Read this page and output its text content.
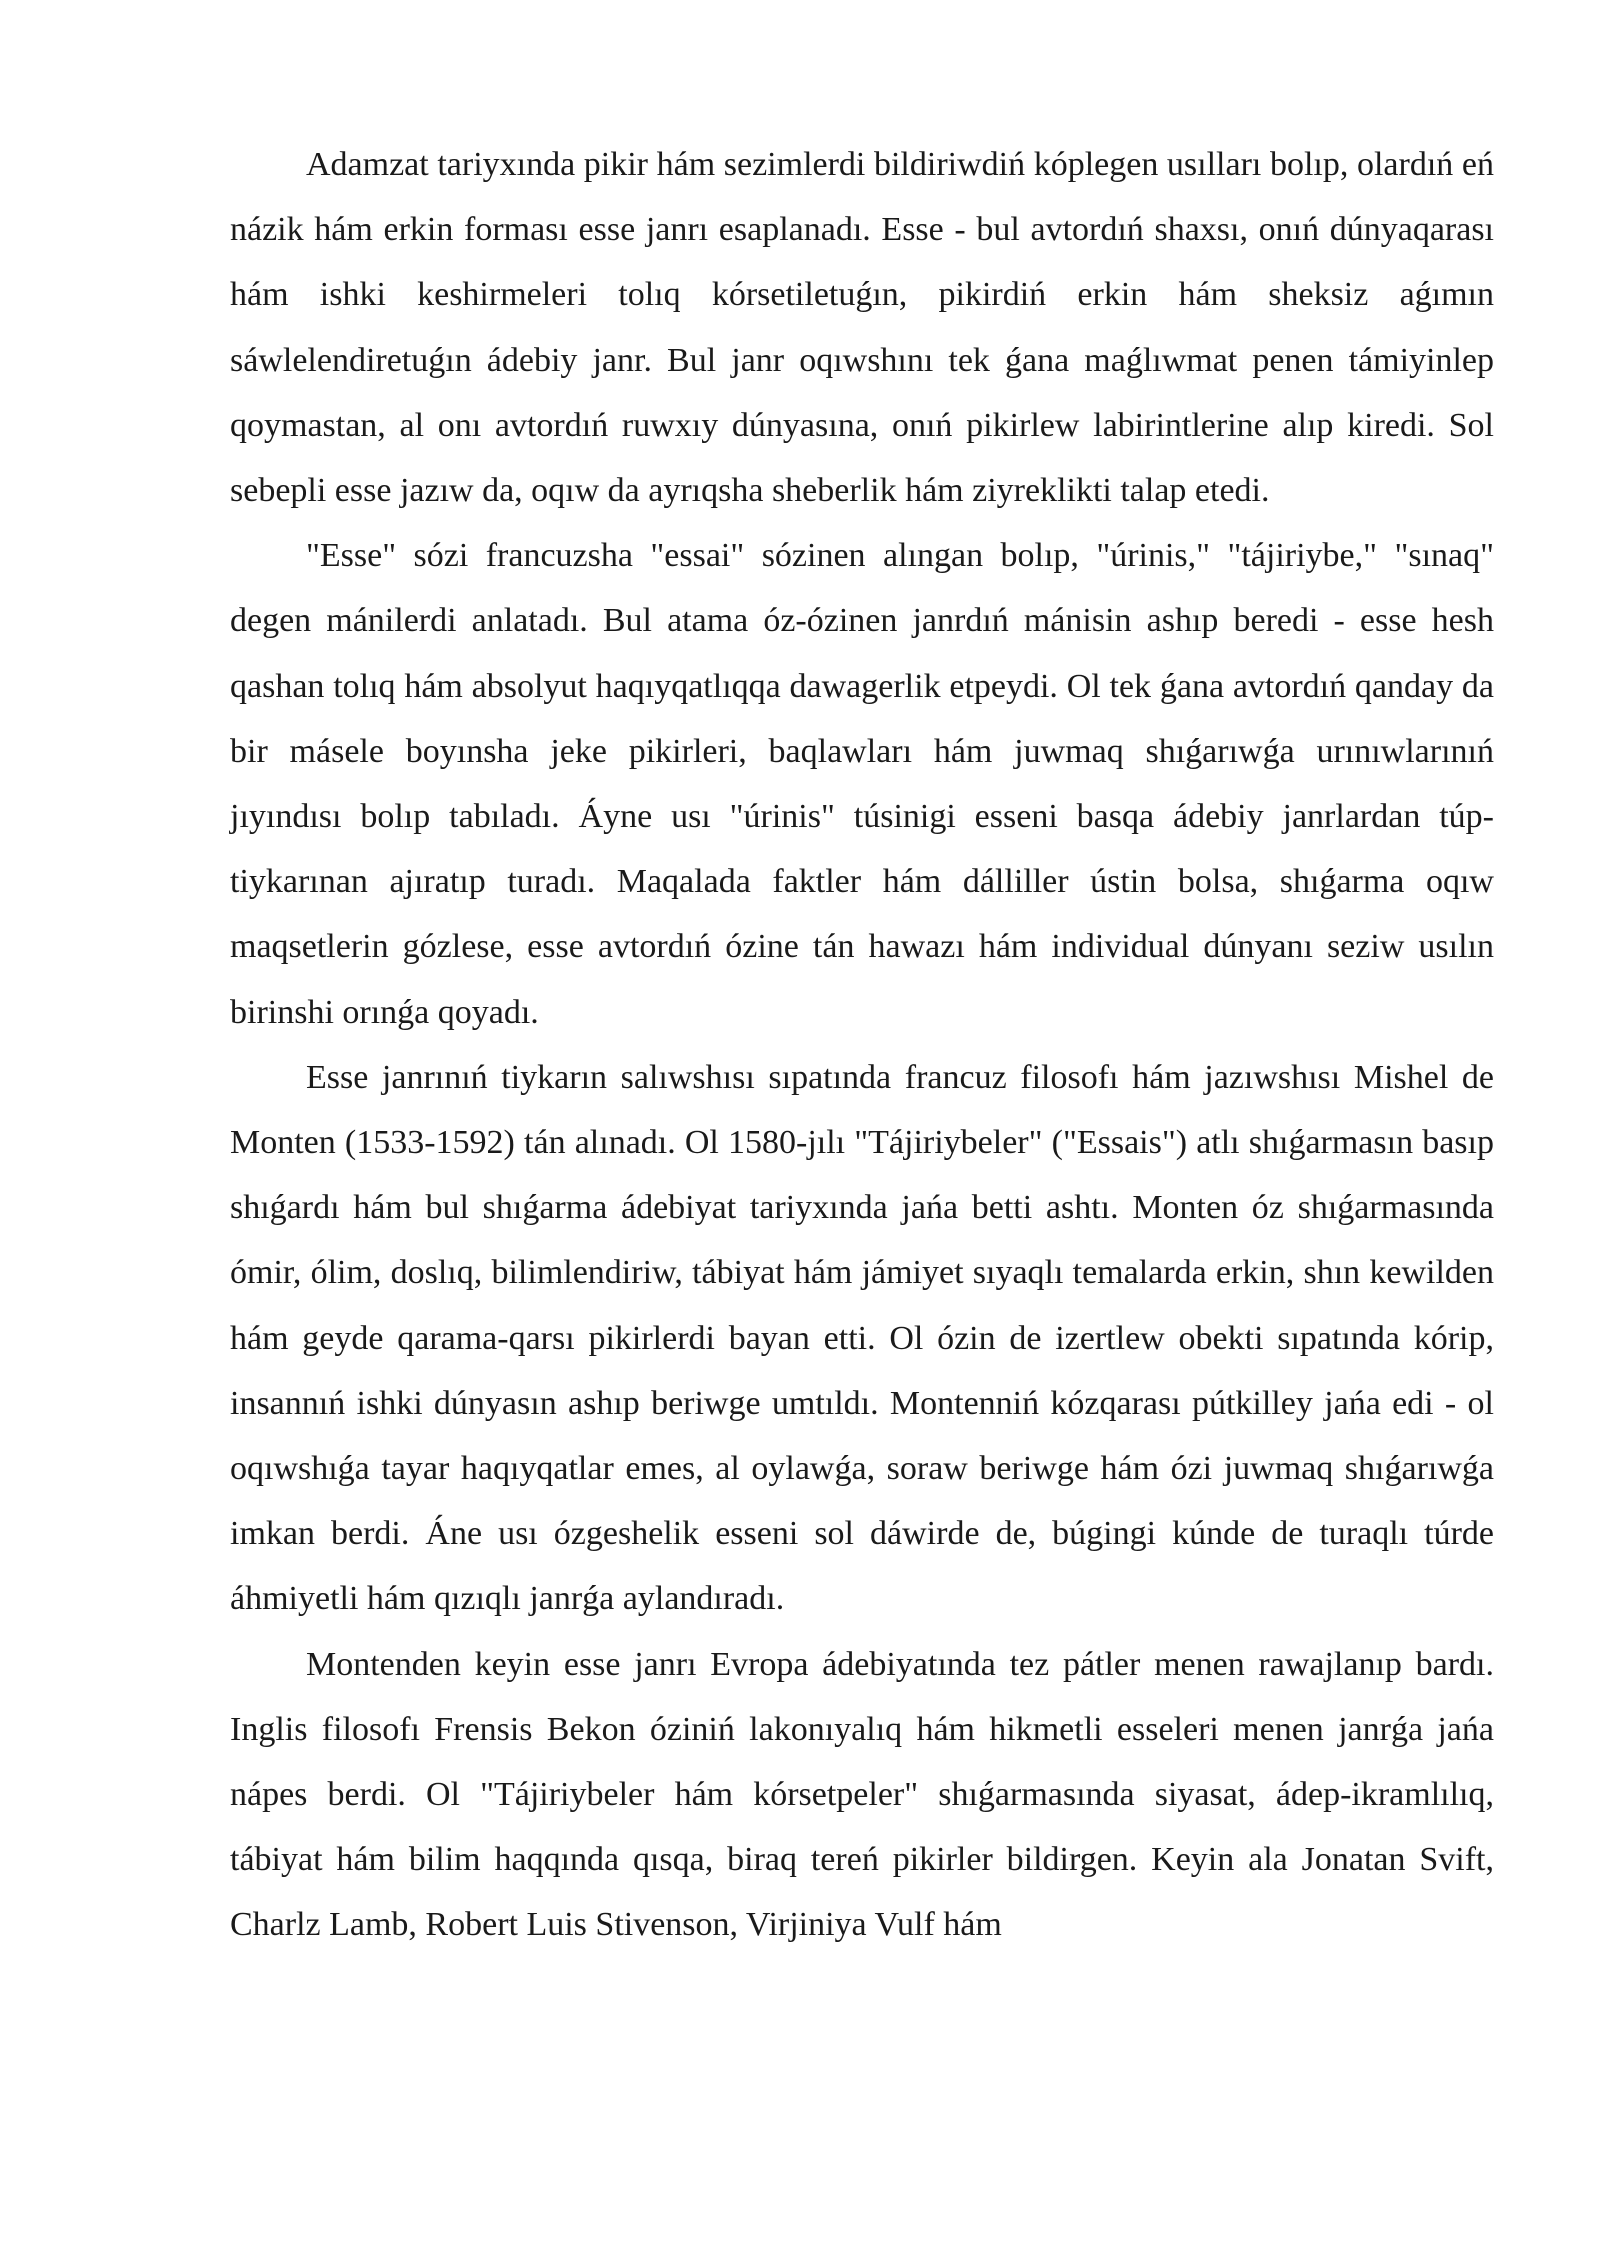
Adamzat tariyxında pikir hám sezimlerdi bildiriwdiń kóplegen usılları bolıp, olardıń eń názik hám erkin forması esse janrı esaplanadı. Esse - bul avtordıń shaxsı, onıń dúnyaqarası hám ishki keshirmeleri tolıq kórsetiletuǵın, pikirdiń erkin hám sheksiz aǵımın sáwlelendiretuǵın ádebiy janr. Bul janr oqıwshını tek ǵana maǵlıwmat penen támiyinlep qoymastan, al onı avtordıń ruwxıy dúnyasına, onıń pikirlew labirintlerine alıp kiredi. Sol sebepli esse jazıw da, oqıw da ayrıqsha sheberlik hám ziyreklikti talap etedi.

"Esse" sózi francuzsha "essai" sózinen alıngan bolıp, "úrinis," "tájiriybe," "sınaq" degen mánilerdi anlatadı. Bul atama óz-ózinen janrdıń mánisin ashıp beredi - esse hesh qashan tolıq hám absolyut haqıyqatlıqqa dawagerlik etpeydi. Ol tek ǵana avtordıń qanday da bir másele boyınsha jeke pikirleri, baqlawları hám juwmaq shıǵarıwǵa urınıwlarınıń jıyındısı bolıp tabıladı. Áyne usı "úrinis" túsinigi esseni basqa ádebiy janrlardan túp-tiykarınan ajıratıp turadı. Maqalada faktler hám dálliller ústin bolsa, shıǵarma oqıw maqsetlerin gózlese, esse avtordıń ózine tán hawazı hám individual dúnyanı seziw usılın birinshi orınǵa qoyadı.

Esse janrınıń tiykarın salıwshısı sıpatında francuz filosofı hám jazıwshısı Mishel de Monten (1533-1592) tán alınadı. Ol 1580-jılı "Tájiriybeler" ("Essais") atlı shıǵarmasın basıp shıǵardı hám bul shıǵarma ádebiyat tariyxında jańa betti ashtı. Monten óz shıǵarmasında ómir, ólim, doslıq, bilimlendiriw, tábiyat hám jámiyet sıyaqlı temalarda erkin, shın kewilden hám geyde qarama-qarsı pikirlerdi bayan etti. Ol ózin de izertlew obekti sıpatında kórip, insannıń ishki dúnyasın ashıp beriwge umtıldı. Montenniń kózqarası pútkilley jańa edi - ol oqıwshıǵa tayar haqıyqatlar emes, al oylawǵa, soraw beriwge hám ózi juwmaq shıǵarıwǵa imkan berdi. Áne usı ózgeshelik esseni sol dáwirde de, búgingi kúnde de turaqlı túrde áhmiyetli hám qızıqlı janrǵa aylandıradı.

Montenden keyin esse janrı Evropa ádebiyatında tez pátler menen rawajlanıp bardı. Inglis filosofı Frensis Bekon óziniń lakonıyalıq hám hikmetli esseleri menen janrǵa jańa nápes berdi. Ol "Tájiriybeler hám kórsetpeler" shıǵarmasında siyasat, ádep-ikramlılıq, tábiyat hám bilim haqqında qısqa, biraq tereń pikirler bildirgen. Keyin ala Jonatan Svift, Charlz Lamb, Robert Luis Stivenson, Virjiniya Vulf hám
